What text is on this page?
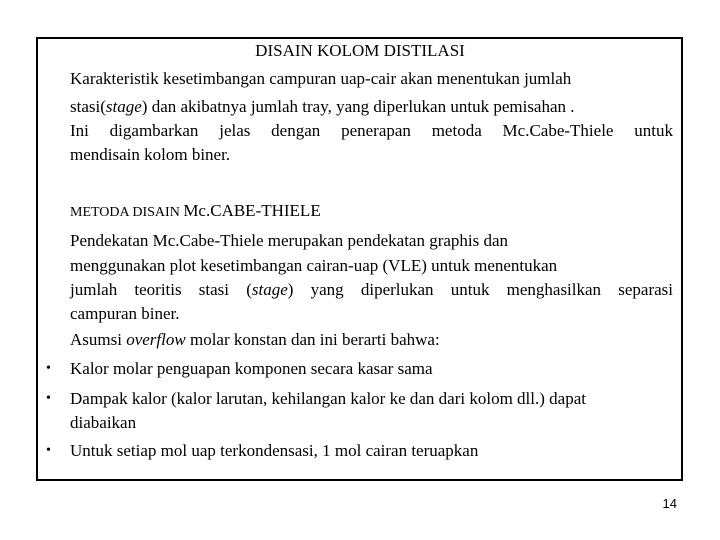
DISAIN KOLOM DISTILASI
Karakteristik kesetimbangan campuran uap-cair akan menentukan jumlah
stasi(stage) dan akibatnya jumlah tray, yang diperlukan untuk pemisahan .
Ini digambarkan jelas dengan penerapan metoda Mc.Cabe-Thiele untuk
mendisain kolom biner.
METODA DISAIN Mc.CABE-THIELE
Pendekatan Mc.Cabe-Thiele merupakan pendekatan graphis dan
menggunakan plot kesetimbangan cairan-uap (VLE) untuk menentukan
jumlah teoritis stasi (stage) yang diperlukan untuk menghasilkan separasi
campuran biner.
Asumsi overflow molar konstan dan ini berarti bahwa:
• Kalor molar penguapan komponen secara kasar sama
• Dampak kalor (kalor larutan, kehilangan kalor ke dan dari kolom dll.) dapat
diabaikan
• Untuk setiap mol uap terkondensasi, 1 mol cairan teruapkan
14
